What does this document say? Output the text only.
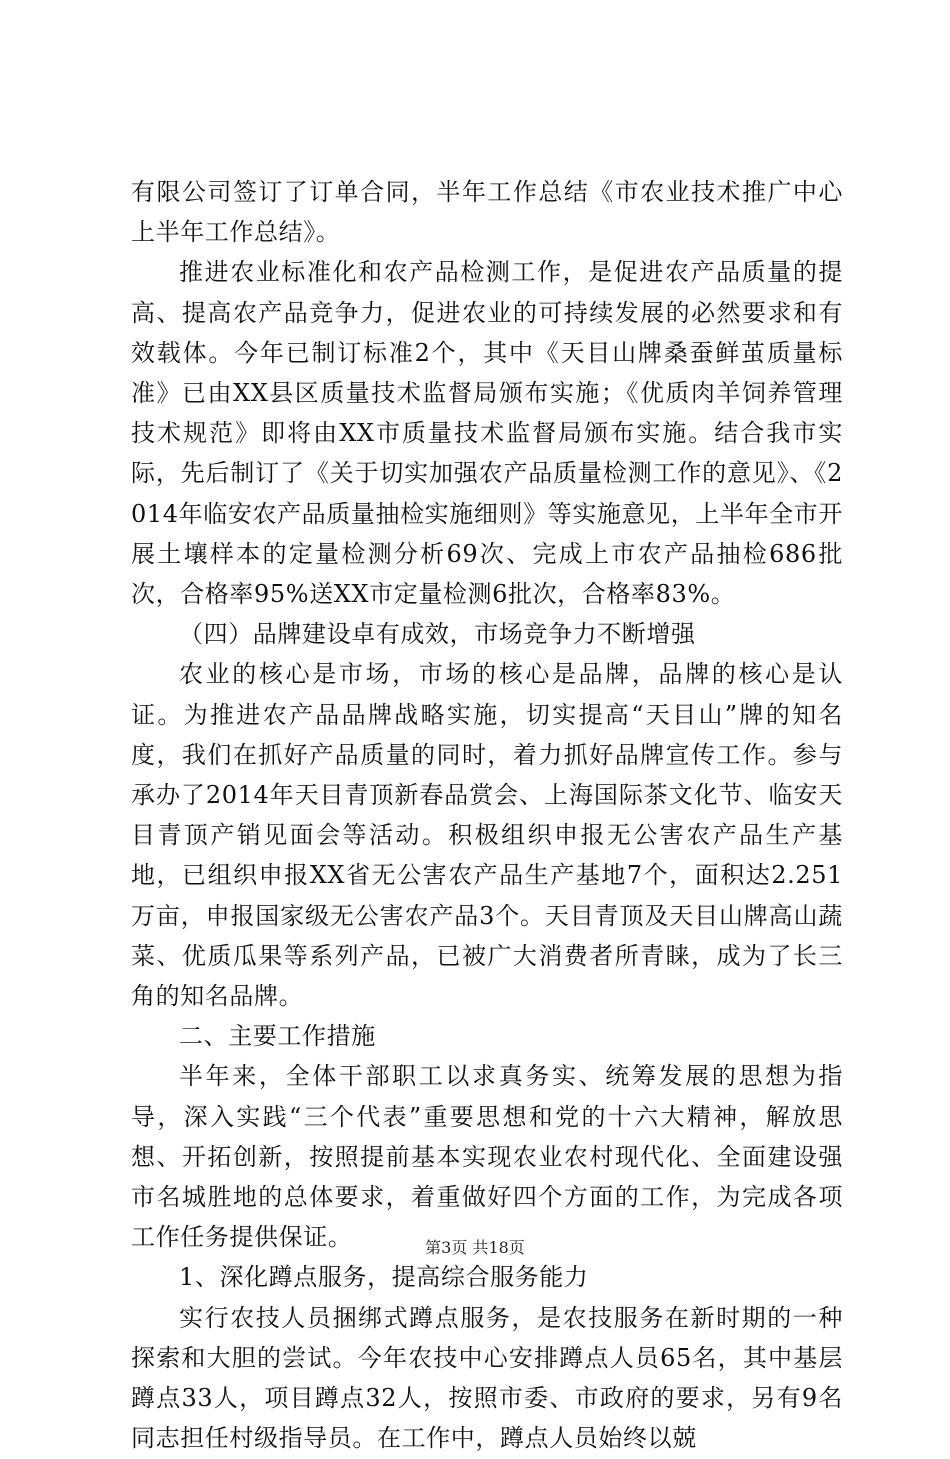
有限公司签订了订单合同，半年工作总结《市农业技术推广中心上半年工作总结》。

推进农业标准化和农产品检测工作，是促进农产品质量的提高、提高农产品竞争力，促进农业的可持续发展的必然要求和有效载体。今年已制订标准2个，其中《天目山牌桑蚕鲜茧质量标准》已由XX县区质量技术监督局颁布实施；《优质肉羊饲养管理技术规范》即将由XX市质量技术监督局颁布实施。结合我市实际，先后制订了《关于切实加强农产品质量检测工作的意见》、《2014年临安农产品质量抽检实施细则》等实施意见，上半年全市开展土壤样本的定量检测分析69次、完成上市农产品抽检686批次，合格率95%送XX市定量检测6批次，合格率83%。

（四）品牌建设卓有成效，市场竞争力不断增强

农业的核心是市场，市场的核心是品牌，品牌的核心是认证。为推进农产品品牌战略实施，切实提高“天目山”牌的知名度，我们在抓好产品质量的同时，着力抓好品牌宣传工作。参与承办了2014年天目青顶新春品赏会、上海国际茶文化节、临安天目青顶产销见面会等活动。积极组织申报无公害农产品生产基地，已组织申报XX省无公害农产品生产基地7个，面积达2.251万亩，申报国家级无公害农产品3个。天目青顶及天目山牌高山蔬菜、优质瓜果等系列产品，已被广大消费者所青睐，成为了长三角的知名品牌。

二、主要工作措施

半年来，全体干部职工以求真务实、统筹发展的思想为指导，深入实践“三个代表”重要思想和党的十六大精神，解放思想、开拓创新，按照提前基本实现农业农村现代化、全面建设强市名城胜地的总体要求，着重做好四个方面的工作，为完成各项工作任务提供保证。

1、深化蹲点服务，提高综合服务能力

实行农技人员捆绑式蹲点服务，是农技服务在新时期的一种探索和大胆的尝试。今年农技中心安排蹲点人员65名，其中基层蹲点33人，项目蹲点32人，按照市委、市政府的要求，另有9名同志担任村级指导员。在工作中，蹲点人员始终以兢

第3页 共18页
